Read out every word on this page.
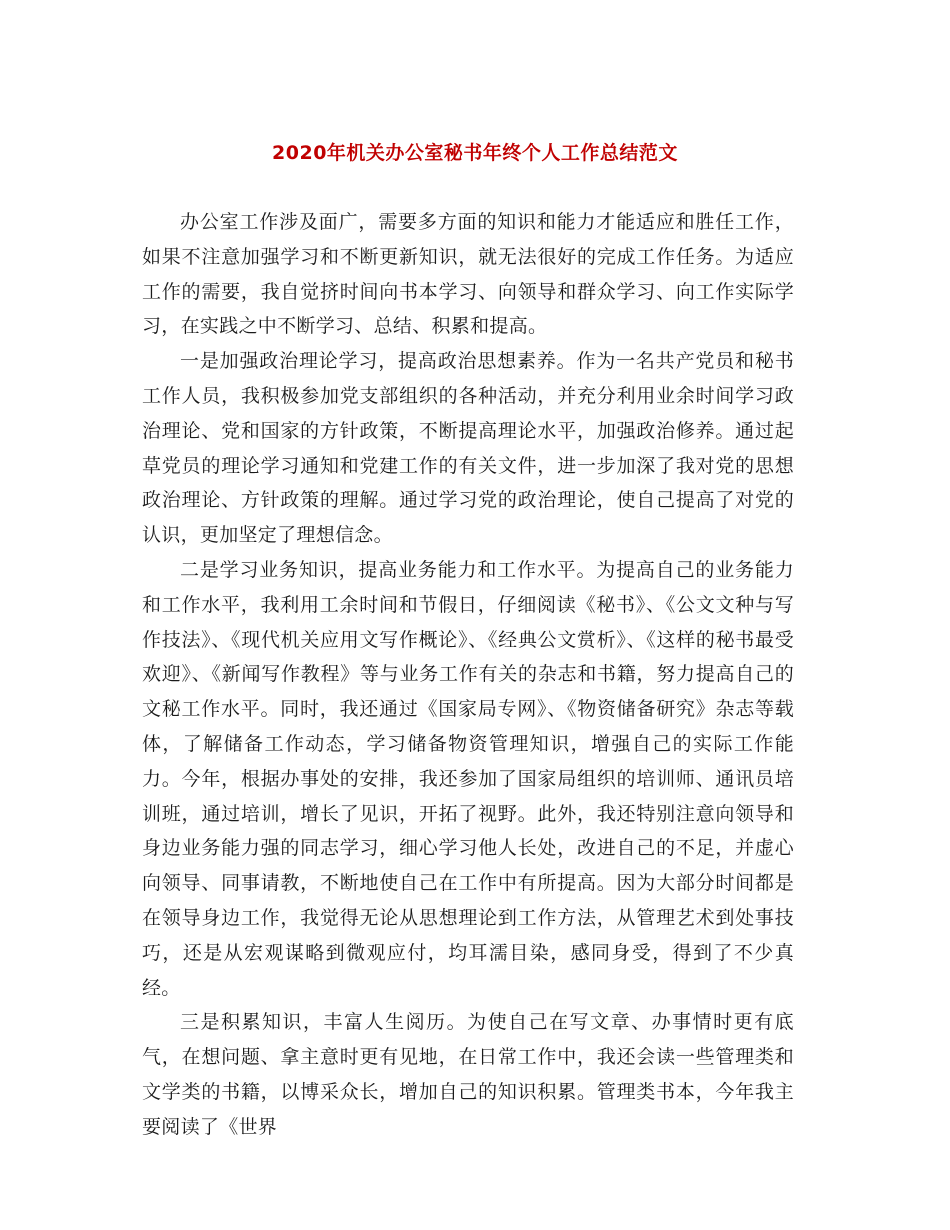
2020年机关办公室秘书年终个人工作总结范文

办公室工作涉及面广，需要多方面的知识和能力才能适应和胜任工作，如果不注意加强学习和不断更新知识，就无法很好的完成工作任务。为适应工作的需要，我自觉挤时间向书本学习、向领导和群众学习、向工作实际学习，在实践之中不断学习、总结、积累和提高。

一是加强政治理论学习，提高政治思想素养。作为一名共产党员和秘书工作人员，我积极参加党支部组织的各种活动，并充分利用业余时间学习政治理论、党和国家的方针政策，不断提高理论水平，加强政治修养。通过起草党员的理论学习通知和党建工作的有关文件，进一步加深了我对党的思想政治理论、方针政策的理解。通过学习党的政治理论，使自己提高了对党的认识，更加坚定了理想信念。

二是学习业务知识，提高业务能力和工作水平。为提高自己的业务能力和工作水平，我利用工余时间和节假日，仔细阅读《秘书》、《公文文种与写作技法》、《现代机关应用文写作概论》、《经典公文赏析》、《这样的秘书最受欢迎》、《新闻写作教程》等与业务工作有关的杂志和书籍，努力提高自己的文秘工作水平。同时，我还通过《国家局专网》、《物资储备研究》杂志等载体，了解储备工作动态，学习储备物资管理知识，增强自己的实际工作能力。今年，根据办事处的安排，我还参加了国家局组织的培训师、通讯员培训班，通过培训，增长了见识，开拓了视野。此外，我还特别注意向领导和身边业务能力强的同志学习，细心学习他人长处，改进自己的不足，并虚心向领导、同事请教，不断地使自己在工作中有所提高。因为大部分时间都是在领导身边工作，我觉得无论从思想理论到工作方法，从管理艺术到处事技巧，还是从宏观谋略到微观应付，均耳濡目染，感同身受，得到了不少真经。

三是积累知识，丰富人生阅历。为使自己在写文章、办事情时更有底气，在想问题、拿主意时更有见地，在日常工作中，我还会读一些管理类和文学类的书籍，以博采众长，增加自己的知识积累。管理类书本，今年我主要阅读了《世界
